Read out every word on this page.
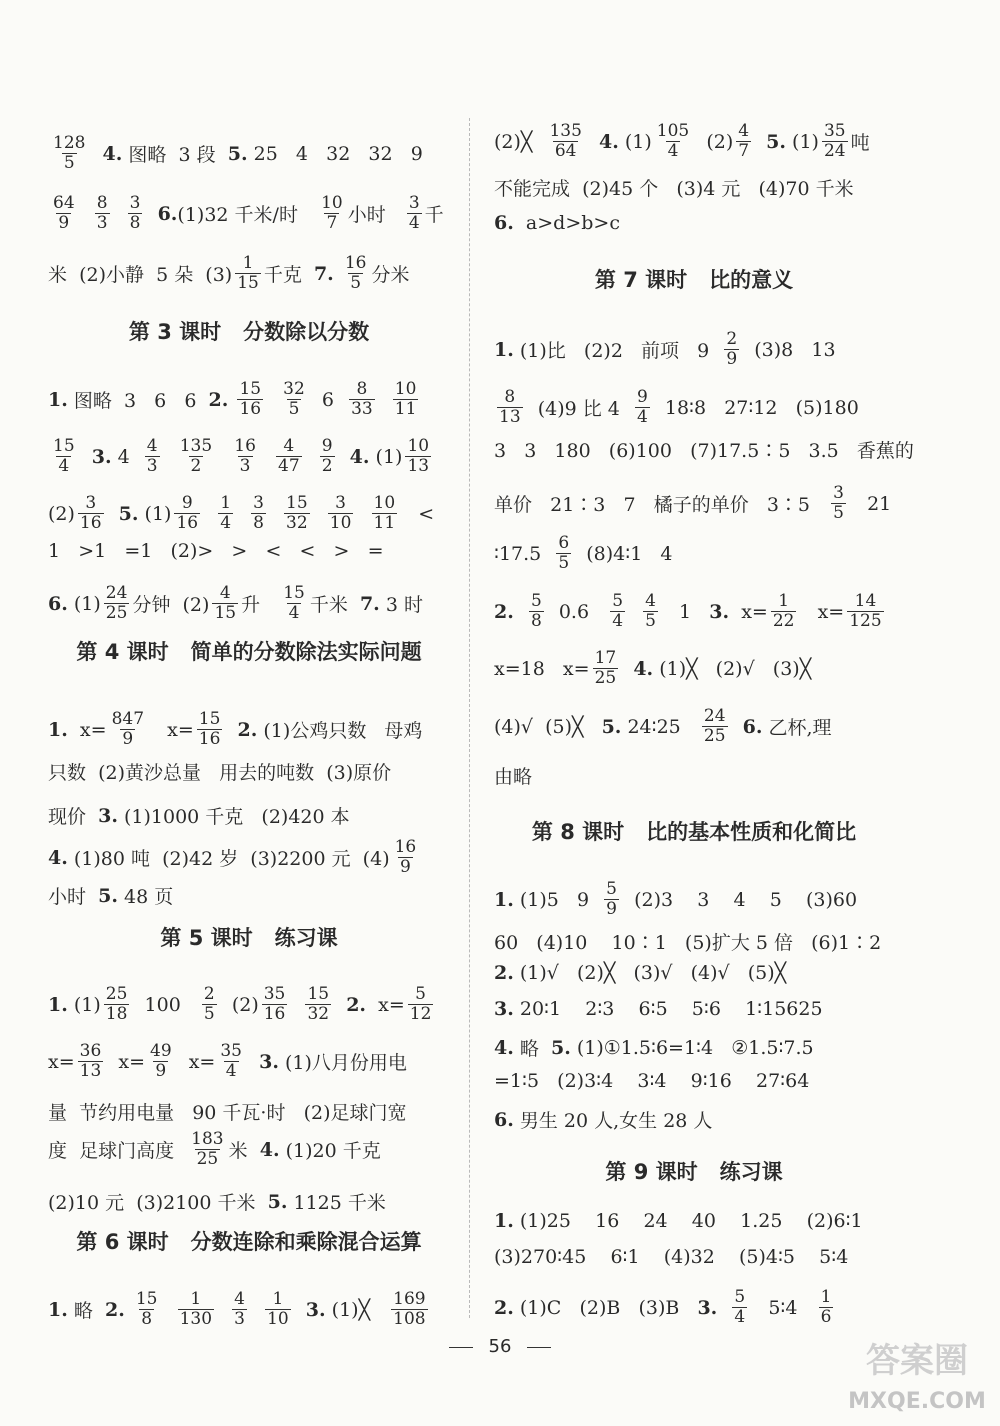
$\frac{128}{5}$
4. 图略  3 段 5. 25   4   32   32   9
$\frac{64}{9}$
$\frac{8}{3}$
$\frac{3}{8}$
6. (1)32 千米/时 $\frac{10}{7}$ 小时 $\frac{3}{4}$ 千
米  (2)小静  5 朵  $(3) \frac{1}{15}$ 千克 7.
$\frac{16}{5}$ 分米
第 3 课时   分数除以分数
1. 图略  3   6   6 2.
$\frac{15}{16}$
$\frac{32}{5} 6 \frac{8}{33}$
$\frac{10}{11}$
$\frac{15}{4}$
3. $4 \frac{4}{3}$
$\frac{135}{2}$
$\frac{16}{3}$
$\frac{4}{47}$
$\frac{9}{2}$
4. $(1) \frac{10}{13}$
$(2) \frac{3}{16}$
5. $(1) \frac{9}{16}$
$\frac{1}{4}$
$\frac{3}{8}$
$\frac{15}{32}$
$\frac{3}{10}$
$\frac{10}{11}$ <
1   >1   =1   (2)>   >   <   <   >   =
6. $(1) \frac{24}{25}$ 分钟  $(2) \frac{4}{15}$ 升 $\frac{15}{4}$ 千米 7. 3 时
第 4 课时   简单的分数除法实际问题
1. $x= \frac{847}{9} x= \frac{15}{16}$
2. (1)公鸡只数   母鸡
只数  (2)黄沙总量   用去的吨数  (3)原价
现价 3. (1)1000 千克   (2)420 本
4. (1)80 吨  (2)42 岁  (3)2200 元  $(4) \frac{16}{9}$
小时 5. 48 页
第 5 课时   练习课
1. $(1) \frac{25}{18} 100 \frac{2}{5} (2) \frac{35}{16}$
$\frac{15}{32}$
2. $x= \frac{5}{12}$
$x= \frac{36}{13} x= \frac{49}{9} x= \frac{35}{4}$
3. (1)八月份用电
量  节约用电量   90 千瓦·时   (2)足球门宽
度  足球门高度 $\frac{183}{25}$ 米 4. (1)20 千克
(2)10 元  (3)2100 千米 5. 1125 千米
第 6 课时   分数连除和乘除混合运算
1. 略 2.
$\frac{15}{8}$
$\frac{1}{130}$
$\frac{4}{3}$
$\frac{1}{10}$
3. (1)╳ $\frac{169}{108}$
(2)╳ $\frac{135}{64}$
4. $(1) \frac{105}{4} (2) \frac{4}{7}$
5. $(1) \frac{35}{24}$ 吨
不能完成  (2)45 个   (3)4 元   (4)70 千米
6. a>d>b>c
第 7 课时   比的意义
1. (1)比   (2)2   前项   $9 \frac{2}{9} (3)8$   13
$\frac{8}{13} (4)9$ 比 $4 \frac{9}{4}$ 18∶8   27∶12   (5)180
3   3   180   (6)100   (7)17.5∶5   3.5   香蕉的
单价   21∶3   7   橘子的单价   3∶5 $\frac{3}{5} 21$
∶17.5 $\frac{6}{5}$ (8)4∶1   4
2.
$\frac{5}{8} 0.6 \frac{5}{4}$
$\frac{4}{5} 1$ 3. $x= \frac{1}{22} x= \frac{14}{125}$
x=18   $x= \frac{17}{25}$
4. (1)╳   (2)√   (3)╳
(4)√  (5)╳ 5. 24∶25 $\frac{24}{25}$
6. 乙杯,理
由略
第 8 课时   比的基本性质和化简比
1. (1)5   $9 \frac{5}{9} (2)3$    3    4    5    (3)60
60   (4)10    10∶1   (5)扩大 5 倍   (6)1∶2
2. (1)√   (2)╳   (3)√   (4)√   (5)╳
3. 20∶1    2∶3    6∶5    5∶6    1∶15625
4. 略 5. (1)①1.5∶6=1∶4   ②1.5∶7.5
=1∶5   (2)3∶4    3∶4    9∶16    27∶64
6. 男生 20 人,女生 28 人
第 9 课时   练习课
1. (1)25    16    24    40    1.25    (2)6∶1
(3)270∶45    6∶1    (4)32    (5)4∶5    5∶4
2. (1)C   (2)B   (3)B 3.
$\frac{5}{4}$ 5∶4 $\frac{1}{6}$
56	答案圈
MXQE.COM
